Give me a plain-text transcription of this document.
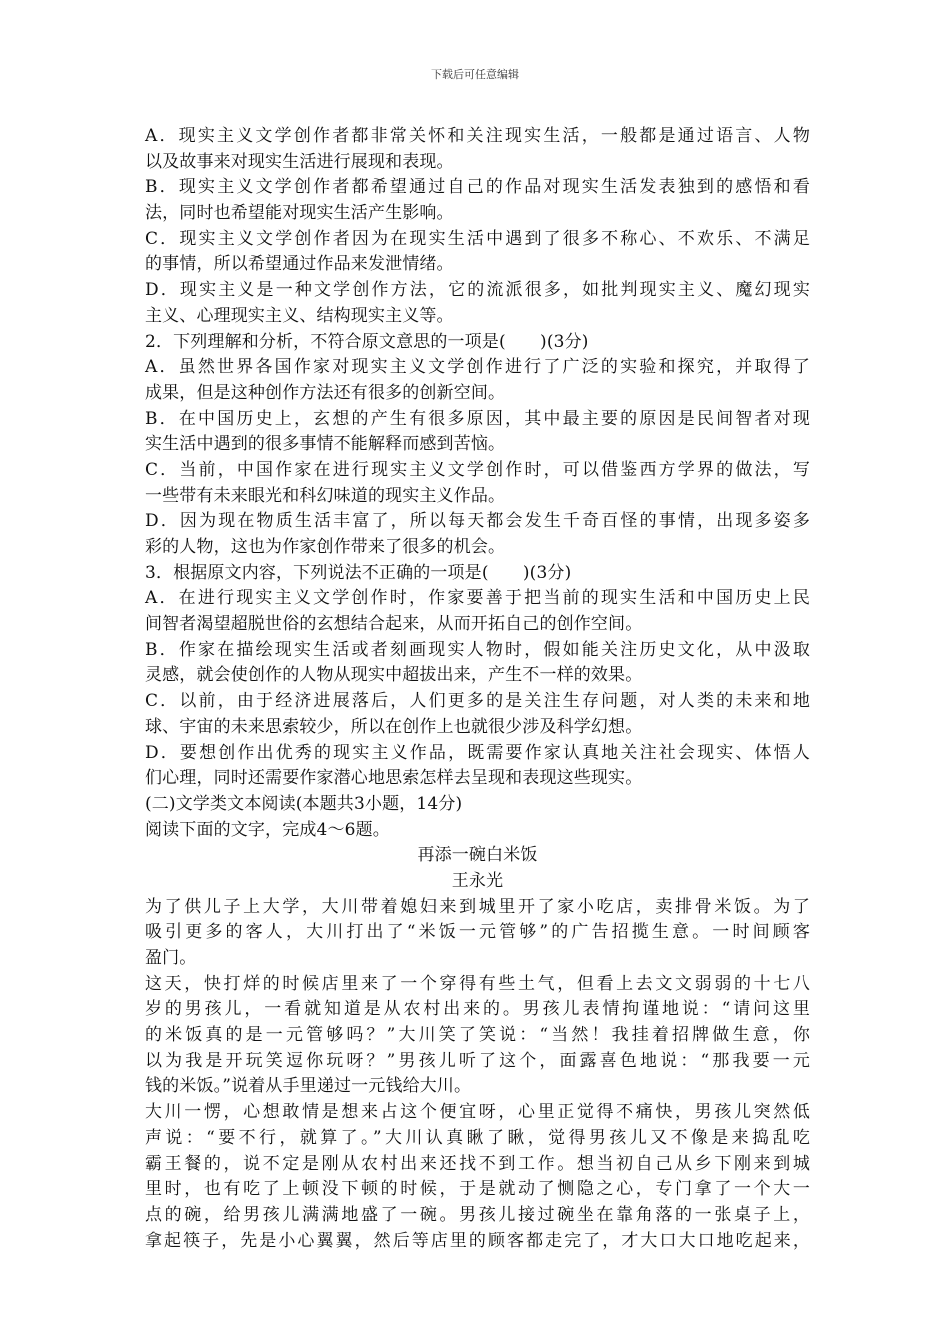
下载后可任意编辑
A．现实主义文学创作者都非常关怀和关注现实生活，一般都是通过语言、人物
以及故事来对现实生活进行展现和表现。
B．现实主义文学创作者都希望通过自己的作品对现实生活发表独到的感悟和看
法，同时也希望能对现实生活产生影响。
C．现实主义文学创作者因为在现实生活中遇到了很多不称心、不欢乐、不满足
的事情，所以希望通过作品来发泄情绪。
D．现实主义是一种文学创作方法，它的流派很多，如批判现实主义、魔幻现实
主义、心理现实主义、结构现实主义等。
2．下列理解和分析，不符合原文意思的一项是(　　)(3分)
A．虽然世界各国作家对现实主义文学创作进行了广泛的实验和探究，并取得了
成果，但是这种创作方法还有很多的创新空间。
B．在中国历史上，玄想的产生有很多原因，其中最主要的原因是民间智者对现
实生活中遇到的很多事情不能解释而感到苦恼。
C．当前，中国作家在进行现实主义文学创作时，可以借鉴西方学界的做法，写
一些带有未来眼光和科幻味道的现实主义作品。
D．因为现在物质生活丰富了，所以每天都会发生千奇百怪的事情，出现多姿多
彩的人物，这也为作家创作带来了很多的机会。
3．根据原文内容，下列说法不正确的一项是(　　)(3分)
A．在进行现实主义文学创作时，作家要善于把当前的现实生活和中国历史上民
间智者渴望超脱世俗的玄想结合起来，从而开拓自己的创作空间。
B．作家在描绘现实生活或者刻画现实人物时，假如能关注历史文化，从中汲取
灵感，就会使创作的人物从现实中超拔出来，产生不一样的效果。
C．以前，由于经济进展落后，人们更多的是关注生存问题，对人类的未来和地
球、宇宙的未来思索较少，所以在创作上也就很少涉及科学幻想。
D．要想创作出优秀的现实主义作品，既需要作家认真地关注社会现实、体悟人
们心理，同时还需要作家潜心地思索怎样去呈现和表现这些现实。
(二)文学类文本阅读(本题共3小题，14分)
阅读下面的文字，完成4～6题。
再添一碗白米饭
王永光
为了供儿子上大学，大川带着媳妇来到城里开了家小吃店，卖排骨米饭。为了
吸引更多的客人，大川打出了“米饭一元管够”的广告招揽生意。一时间顾客
盈门。
这天，快打烊的时候店里来了一个穿得有些土气，但看上去文文弱弱的十七八
岁的男孩儿，一看就知道是从农村出来的。男孩儿表情拘谨地说：“请问这里
的米饭真的是一元管够吗？”大川笑了笑说：“当然！我挂着招牌做生意，你
以为我是开玩笑逗你玩呀？”男孩儿听了这个，面露喜色地说：“那我要一元
钱的米饭。”说着从手里递过一元钱给大川。
大川一愣，心想敢情是想来占这个便宜呀，心里正觉得不痛快，男孩儿突然低
声说：“要不行，就算了。”大川认真瞅了瞅，觉得男孩儿又不像是来捣乱吃
霸王餐的，说不定是刚从农村出来还找不到工作。想当初自己从乡下刚来到城
里时，也有吃了上顿没下顿的时候，于是就动了恻隐之心，专门拿了一个大一
点的碗，给男孩儿满满地盛了一碗。男孩儿接过碗坐在靠角落的一张桌子上，
拿起筷子，先是小心翼翼，然后等店里的顾客都走完了，才大口大口地吃起来，
